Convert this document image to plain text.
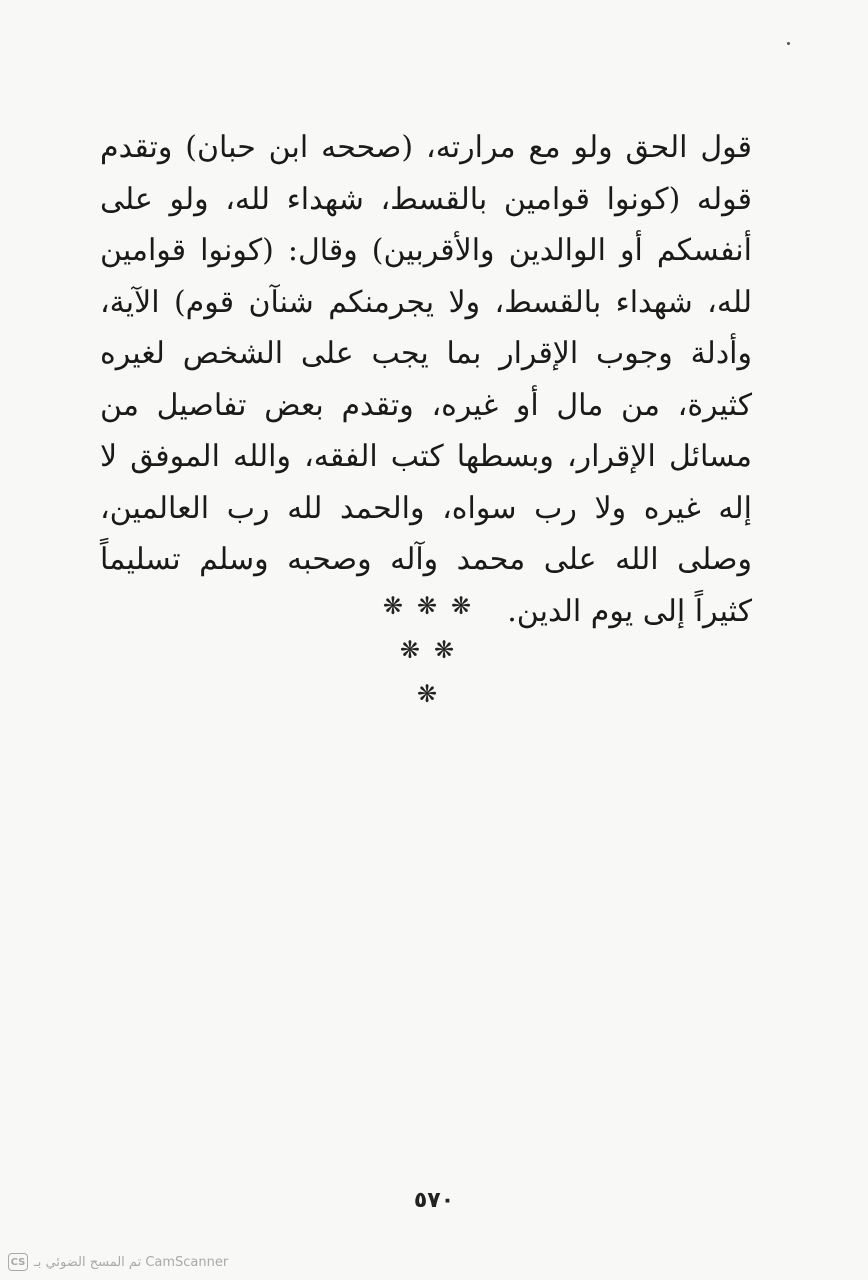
قول الحق ولو مع مرارته، (صححه ابن حبان) وتقدم قوله (كونوا قوامين بالقسط، شهداء لله، ولو على أنفسكم أو الوالدين والأقربين) وقال: (كونوا قوامين لله، شهداء بالقسط، ولا يجرمنكم شنآن قوم) الآية، وأدلة وجوب الإقرار بما يجب على الشخص لغيره كثيرة، من مال أو غيره، وتقدم بعض تفاصيل من مسائل الإقرار، وبسطها كتب الفقه، والله الموفق لا إله غيره ولا رب سواه، والحمد لله رب العالمين، وصلى الله على محمد وآله وصحبه وسلم تسليماً كثيراً إلى يوم الدين.

❋❋❋
❋❋
❋
٥٧٠
CS تم المسح الضوئي بـ CamScanner
